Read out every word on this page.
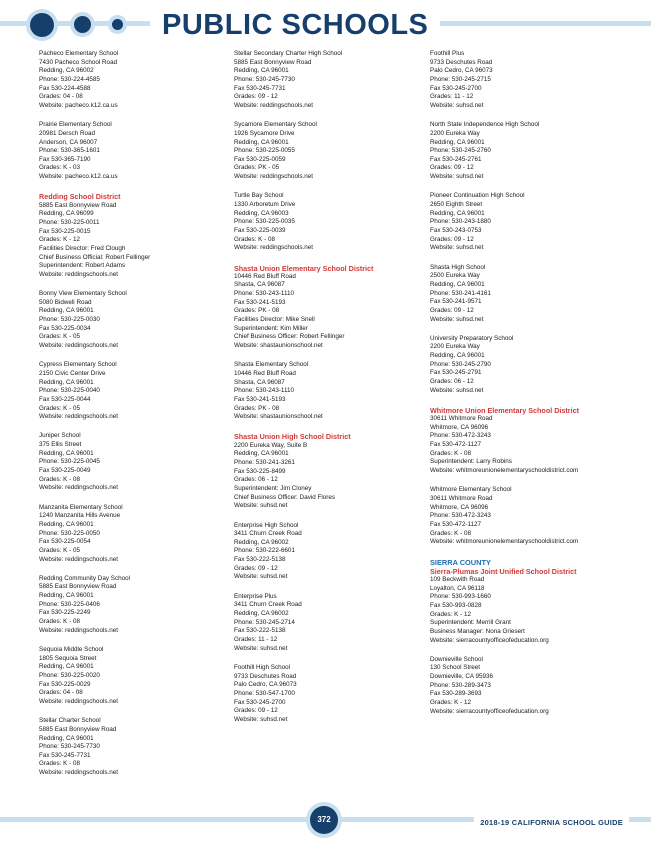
PUBLIC SCHOOLS
Pacheco Elementary School
7430 Pacheco School Road
Redding, CA 96002
Phone: 530-224-4585
Fax 530-224-4588
Grades: 04 - 08
Website: pacheco.k12.ca.us
Prairie Elementary School
20981 Dersch Road
Anderson, CA 96007
Phone: 530-365-1601
Fax 530-365-7190
Grades: K - 03
Website: pacheco.k12.ca.us
Redding School District
5885 East Bonnyview Road
Redding, CA 96099
Phone: 530-225-0011
Fax 530-225-0015
Grades: K - 12
Facilities Director: Fred Clough
Chief Business Official: Robert Fellinger
Superintendent: Robert Adams
Website: reddingschools.net
Bonny View Elementary School
5080 Bidwell Road
Redding, CA 96001
Phone: 530-225-0030
Fax 530-225-0034
Grades: K - 05
Website: reddingschools.net
Cypress Elementary School
2150 Civic Center Drive
Redding, CA 96001
Phone: 530-225-0040
Fax 530-225-0044
Grades: K - 05
Website: reddingschools.net
Juniper School
375 Ellis Street
Redding, CA 96001
Phone: 530-225-0045
Fax 530-225-0049
Grades: K - 08
Website: reddingschools.net
Manzanita Elementary School
1240 Manzanita Hills Avenue
Redding, CA 96001
Phone: 530-225-0050
Fax 530-225-0054
Grades: K - 05
Website: reddingschools.net
Redding Community Day School
5885 East Bonnyview Road
Redding, CA 96001
Phone: 530-225-0406
Fax 530-225-2249
Grades: K - 08
Website: reddingschools.net
Sequoia Middle School
1805 Sequoia Street
Redding, CA 96001
Phone: 530-225-0020
Fax 530-225-0029
Grades: 04 - 08
Website: reddingschools.net
Stellar Charter School
5885 East Bonnyview Road
Redding, CA 96001
Phone: 530-245-7730
Fax 530-245-7731
Grades: K - 08
Website: reddingschools.net
Stellar Secondary Charter High School
5885 East Bonnyview Road
Redding, CA 96001
Phone: 530-245-7730
Fax 530-245-7731
Grades: 09 - 12
Website: reddingschools.net
Sycamore Elementary School
1926 Sycamore Drive
Redding, CA 96001
Phone: 530-225-0055
Fax 530-225-0059
Grades: PK - 05
Website: reddingschools.net
Turtle Bay School
1330 Arboretum Drive
Redding, CA 96003
Phone: 530-225-0035
Fax 530-225-0039
Grades: K - 08
Website: reddingschools.net
Shasta Union Elementary School District
10446 Red Bluff Road
Shasta, CA 96087
Phone: 530-243-1110
Fax 530-241-5193
Grades: PK - 08
Facilities Director: Mike Snell
Superintendent: Kim Miller
Chief Business Officer: Robert Fellinger
Website: shastaunionschool.net
Shasta Elementary School
10446 Red Bluff Road
Shasta, CA 96087
Phone: 530-243-1110
Fax 530-241-5193
Grades: PK - 08
Website: shastaunionschool.net
Shasta Union High School District
2200 Eureka Way, Suite B
Redding, CA 96001
Phone: 530-241-3261
Fax 530-225-8499
Grades: 06 - 12
Superintendent: Jim Cloney
Chief Business Officer: David Flores
Website: suhsd.net
Enterprise High School
3411 Churn Creek Road
Redding, CA 96002
Phone: 530-222-6601
Fax 530-222-5138
Grades: 09 - 12
Website: suhsd.net
Enterprise Plus
3411 Churn Creek Road
Redding, CA 96002
Phone: 530-245-2714
Fax 530-222-5138
Grades: 11 - 12
Website: suhsd.net
Foothill High School
9733 Deschutes Road
Palo Cedro, CA 96073
Phone: 530-547-1700
Fax 530-245-2700
Grades: 09 - 12
Website: suhsd.net
Foothill Plus
9733 Deschutes Road
Palo Cedro, CA 96073
Phone: 530-245-2715
Fax 530-245-2700
Grades: 11 - 12
Website: suhsd.net
North State Independence High School
2200 Eureka Way
Redding, CA 96001
Phone: 530-245-2760
Fax 530-245-2761
Grades: 09 - 12
Website: suhsd.net
Pioneer Continuation High School
2650 Eighth Street
Redding, CA 96001
Phone: 530-243-1880
Fax 530-243-0753
Grades: 09 - 12
Website: suhsd.net
Shasta High School
2500 Eureka Way
Redding, CA 96001
Phone: 530-241-4161
Fax 530-241-9571
Grades: 09 - 12
Website: suhsd.net
University Preparatory School
2200 Eureka Way
Redding, CA 96001
Phone: 530-245-2790
Fax 530-245-2791
Grades: 06 - 12
Website: suhsd.net
Whitmore Union Elementary School District
30611 Whitmore Road
Whitmore, CA 96096
Phone: 530-472-3243
Fax 530-472-1127
Grades: K - 08
Superintendent: Larry Robins
Website: whitmoreunionelementaryschooldistrict.com
Whitmore Elementary School
30611 Whitmore Road
Whitmore, CA 96096
Phone: 530-472-3243
Fax 530-472-1127
Grades: K - 08
Website: whitmoreunionelementaryschooldistrict.com
SIERRA COUNTY
Sierra-Plumas Joint Unified School District
109 Beckwith Road
Loyalton, CA 96118
Phone: 530-993-1660
Fax 530-993-0828
Grades: K - 12
Superintendent: Merrill Grant
Business Manager: Nona Griesert
Website: sierracountyofficeofeducation.org
Downieville School
130 School Street
Downieville, CA 95936
Phone: 530-289-3473
Fax 530-289-3693
Grades: K - 12
Website: sierracountyofficeofeducation.org
372	2018-19 CALIFORNIA SCHOOL GUIDE
